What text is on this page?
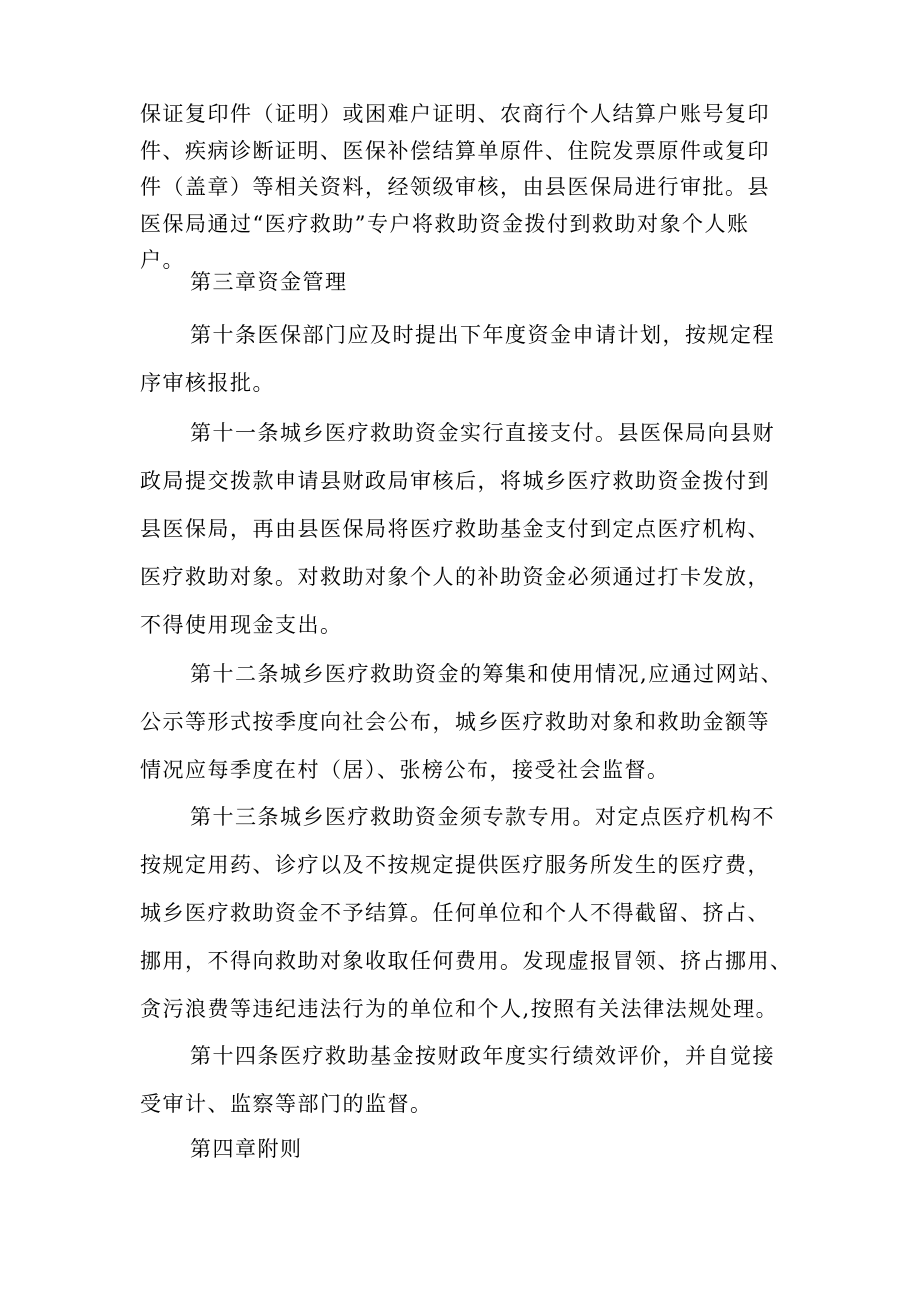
保证复印件（证明）或困难户证明、农商行个人结算户账号复印
件、疾病诊断证明、医保补偿结算单原件、住院发票原件或复印
件（盖章）等相关资料，经领级审核，由县医保局进行审批。县
医保局通过“医疗救助”专户将救助资金拨付到救助对象个人账
户。
第三章资金管理
第十条医保部门应及时提出下年度资金申请计划，按规定程
序审核报批。
第十一条城乡医疗救助资金实行直接支付。县医保局向县财
政局提交拨款申请县财政局审核后，将城乡医疗救助资金拨付到
县医保局，再由县医保局将医疗救助基金支付到定点医疗机构、
医疗救助对象。对救助对象个人的补助资金必须通过打卡发放，
不得使用现金支出。
第十二条城乡医疗救助资金的筹集和使用情况,应通过网站、
公示等形式按季度向社会公布，城乡医疗救助对象和救助金额等
情况应每季度在村（居）、张榜公布，接受社会监督。
第十三条城乡医疗救助资金须专款专用。对定点医疗机构不
按规定用药、诊疗以及不按规定提供医疗服务所发生的医疗费，
城乡医疗救助资金不予结算。任何单位和个人不得截留、挤占、
挪用，不得向救助对象收取任何费用。发现虚报冒领、挤占挪用、
贪污浪费等违纪违法行为的单位和个人,按照有关法律法规处理。
第十四条医疗救助基金按财政年度实行绩效评价，并自觉接
受审计、监察等部门的监督。
第四章附则
